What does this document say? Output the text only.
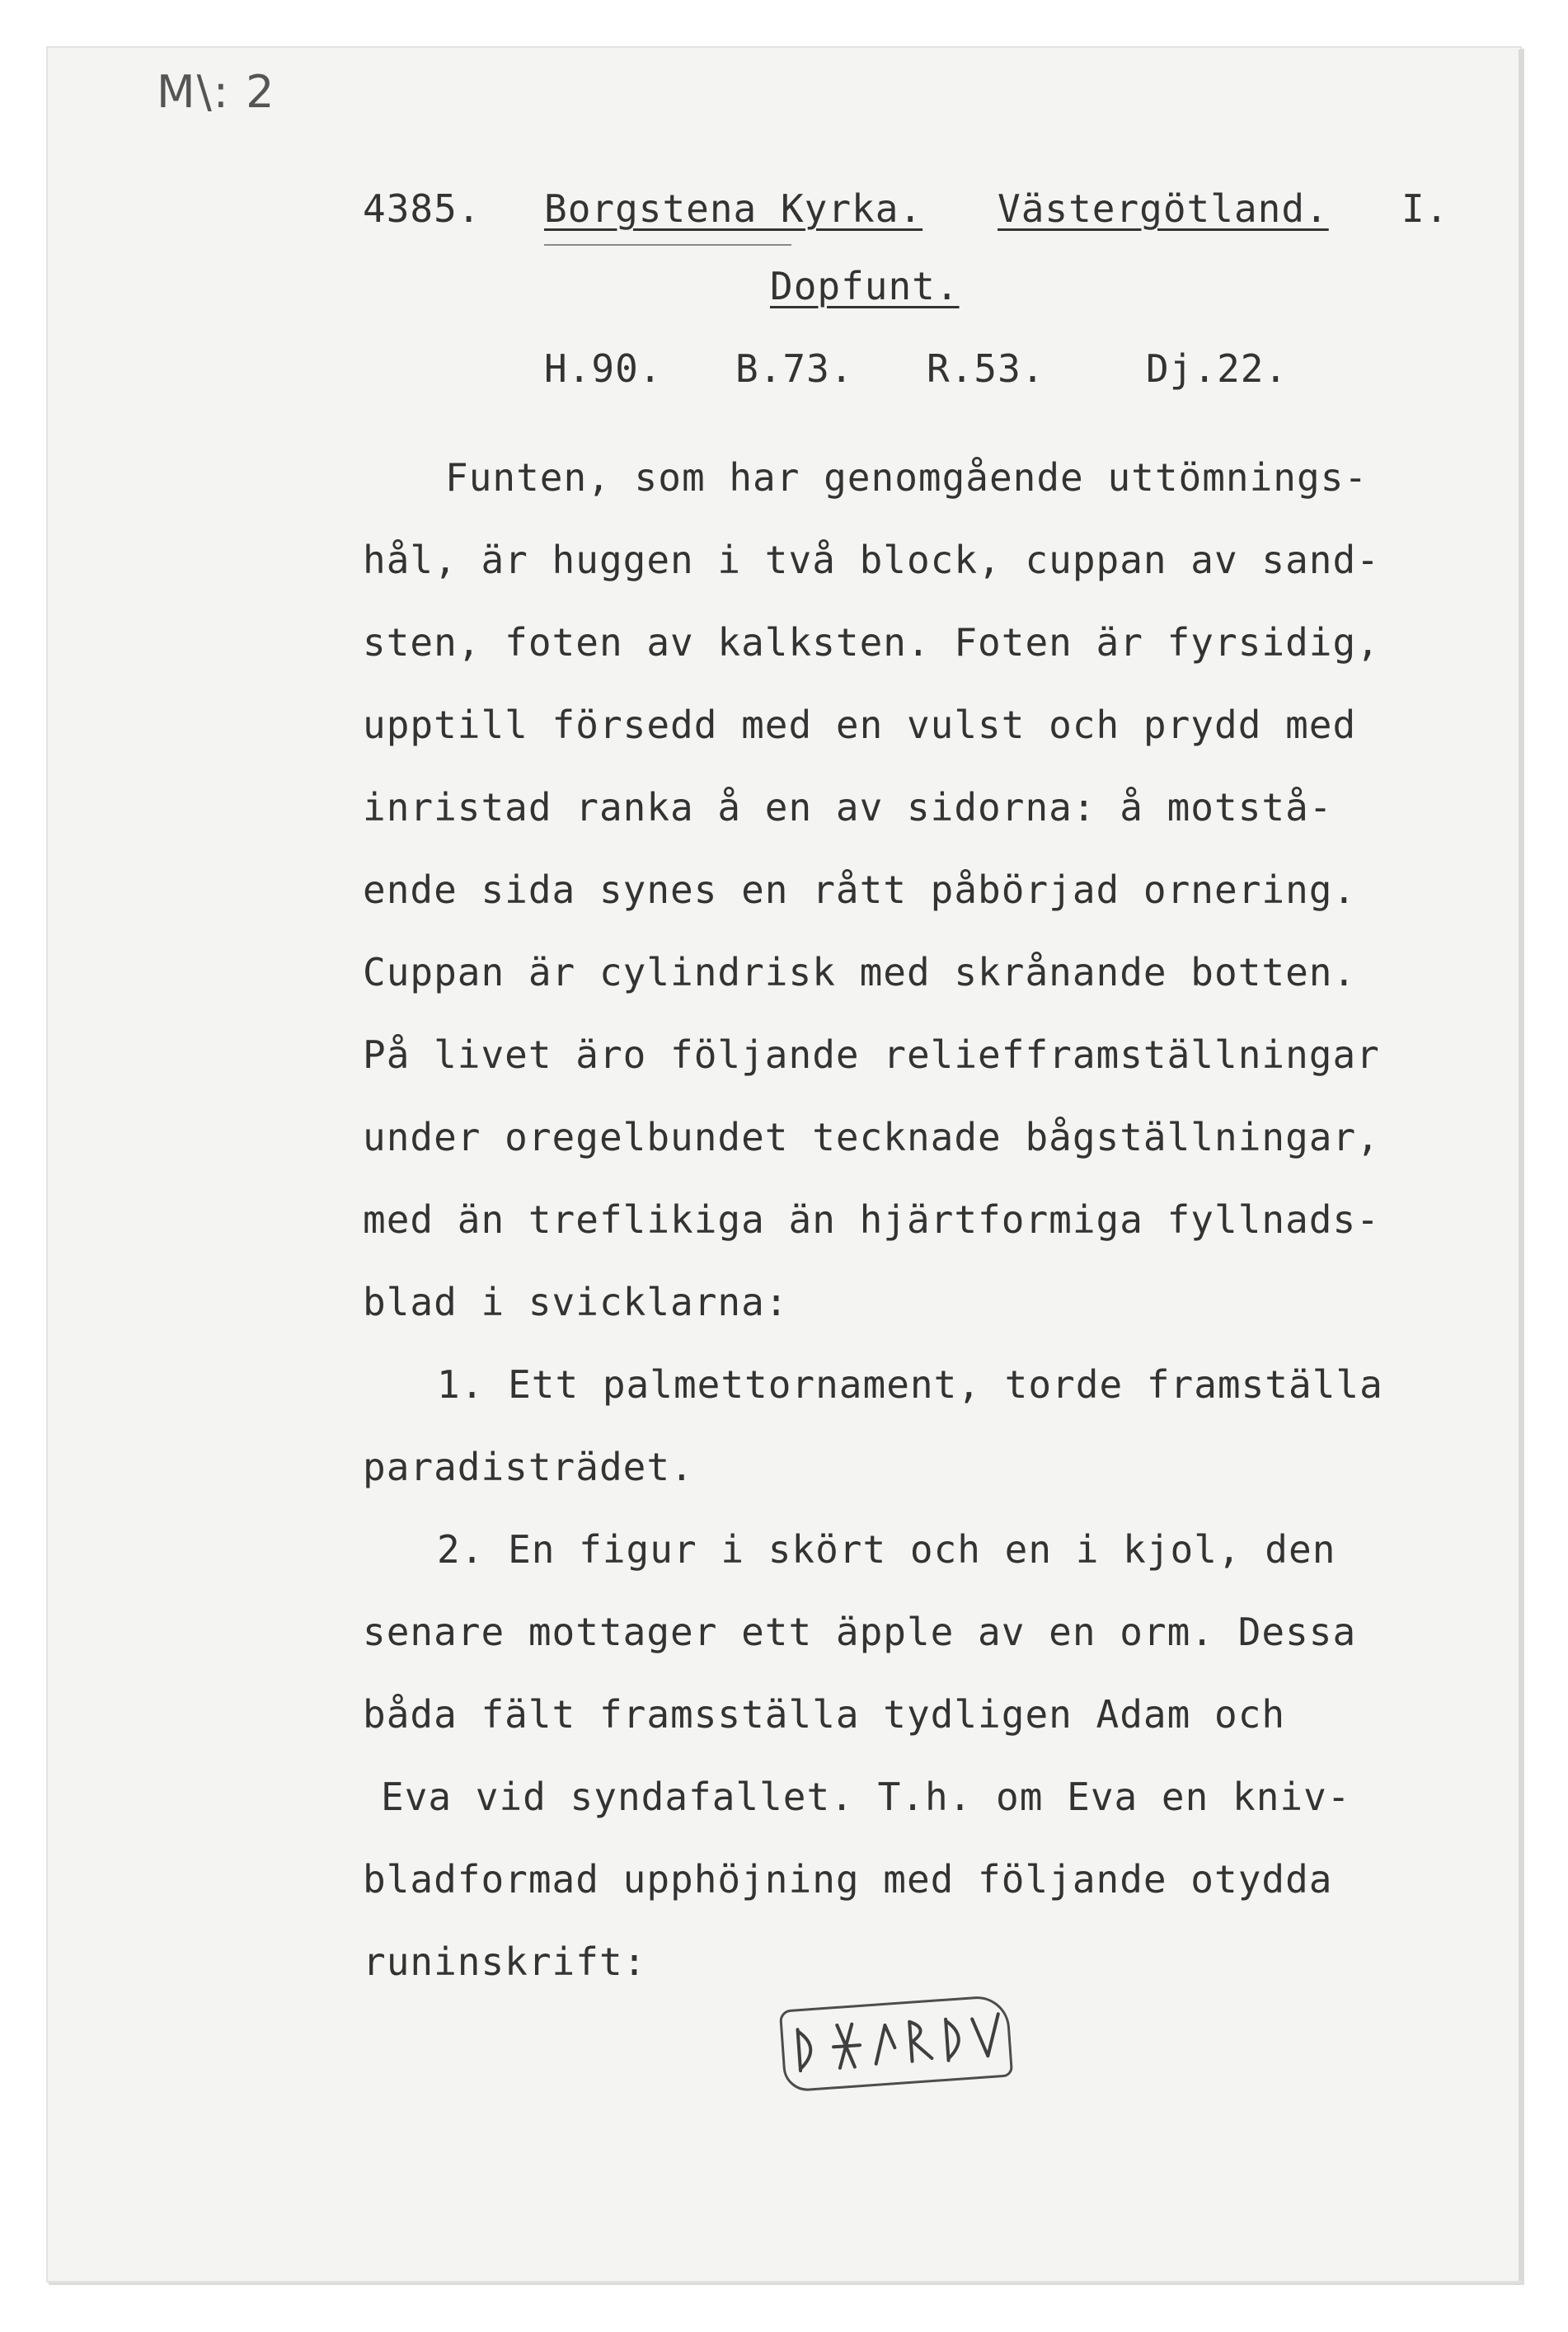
M\: 2
4385. Borgstena Kyrka. Västergötland. I.
Dopfunt.
H.90. B.73. R.53.	Dj.22.
Funten, som har genomgående uttömnings-
hål, är huggen i två block, cuppan av sand-
sten, foten av kalksten. Foten är fyrsidig,
upptill försedd med en vulst och prydd med
inristad ranka å en av sidorna: å motstå-
ende sida synes en rått påbörjad ornering.
Cuppan är cylindrisk med skrånande botten.
På livet äro följande reliefframställningar
under oregelbundet tecknade bågställningar,
med än treflikiga än hjärtformiga fyllnads-
blad i svicklarna:
1. Ett palmettornament, torde framställa
paradisträdet.
2. En figur i skört och en i kjol, den
senare mottager ett äpple av en orm. Dessa
båda fält framsställa tydligen Adam och
Eva vid syndafallet. T.h. om Eva en kniv-
bladformad upphöjning med följande otydda
runinskrift:
